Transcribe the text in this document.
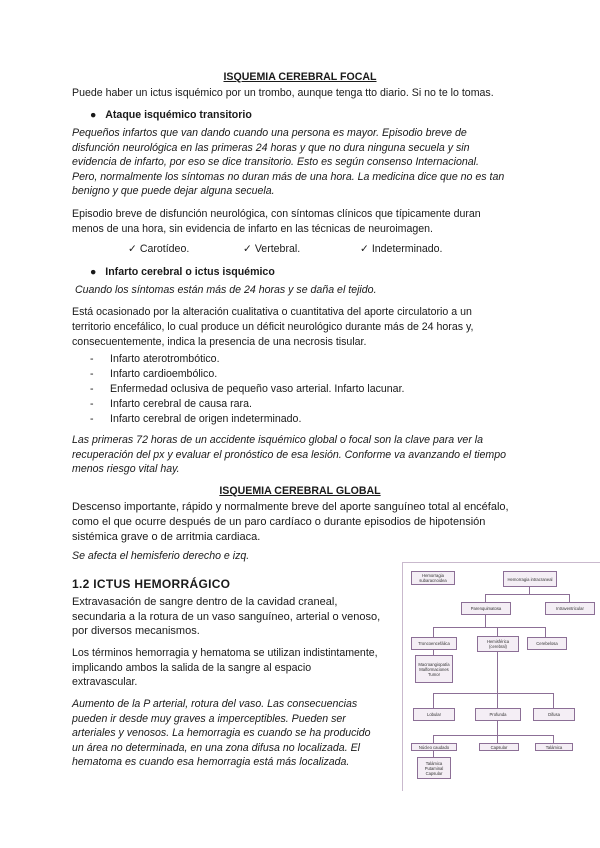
ISQUEMIA CEREBRAL FOCAL

Puede haber un ictus isquémico por un trombo, aunque tenga tto diario. Si no te lo tomas.

● Ataque isquémico transitorio

Pequeños infartos que van dando cuando una persona es mayor. Episodio breve de
disfunción neurológica en las primeras 24 horas y que no dura ninguna secuela y sin
evidencia de infarto, por eso se dice transitorio. Esto es según consenso Internacional.
Pero, normalmente los síntomas no duran más de una hora. La medicina dice que no es tan
benigno y que puede dejar alguna secuela.
Episodio breve de disfunción neurológica, con síntomas clínicos que típicamente duran
menos de una hora, sin evidencia de infarto en las técnicas de neuroimagen.
✓ Carotídeo.	✓ Vertebral.	✓ Indeterminado.

● Infarto cerebral o ictus isquémico

Cuando los síntomas están más de 24 horas y se daña el tejido.

Está ocasionado por la alteración cualitativa o cuantitativa del aporte circulatorio a un
territorio encefálico, lo cual produce un déficit neurológico durante más de 24 horas y,
consecuentemente, indica la presencia de una necrosis tisular.
- Infarto aterotrombótico.
- Infarto cardioembólico.
- Enfermedad oclusiva de pequeño vaso arterial. Infarto lacunar.
- Infarto cerebral de causa rara.
- Infarto cerebral de origen indeterminado.
Las primeras 72 horas de un accidente isquémico global o focal son la clave para ver la
recuperación del px y evaluar el pronóstico de esa lesión. Conforme va avanzando el tiempo
menos riesgo vital hay.

ISQUEMIA CEREBRAL GLOBAL

Descenso importante, rápido y normalmente breve del aporte sanguíneo total al encéfalo,
como el que ocurre después de un paro cardíaco o durante episodios de hipotensión
sistémica grave o de arritmia cardiaca.

Se afecta el hemisferio derecho e izq.

1.2 ICTUS HEMORRÁGICO

Extravasación de sangre dentro de la cavidad craneal,
secundaria a la rotura de un vaso sanguíneo, arterial o venoso,
por diversos mecanismos.
Los términos hemorragia y hematoma se utilizan indistintamente,
implicando ambos la salida de la sangre al espacio
extravascular.
Aumento de la P arterial, rotura del vaso. Las consecuencias
pueden ir desde muy graves a imperceptibles. Pueden ser
arteriales y venosos. La hemorragia es cuando se ha producido
un área no determinada, en una zona difusa no localizada. El
hematoma es cuando esa hemorragia está más localizada.
Hemorragia subaracnoidea	Hemorragia intracraneal
Parenquimatosa	Intraventricular
Troncoencefálica	Hemisférica (cerebral)
Cerebelosa
Macroangiopatía Malformaciones Tumor
Lobular	Profunda	Difusa
Núcleo caudado	Capsular	Talámica
Talámica Putaminal Capsular
